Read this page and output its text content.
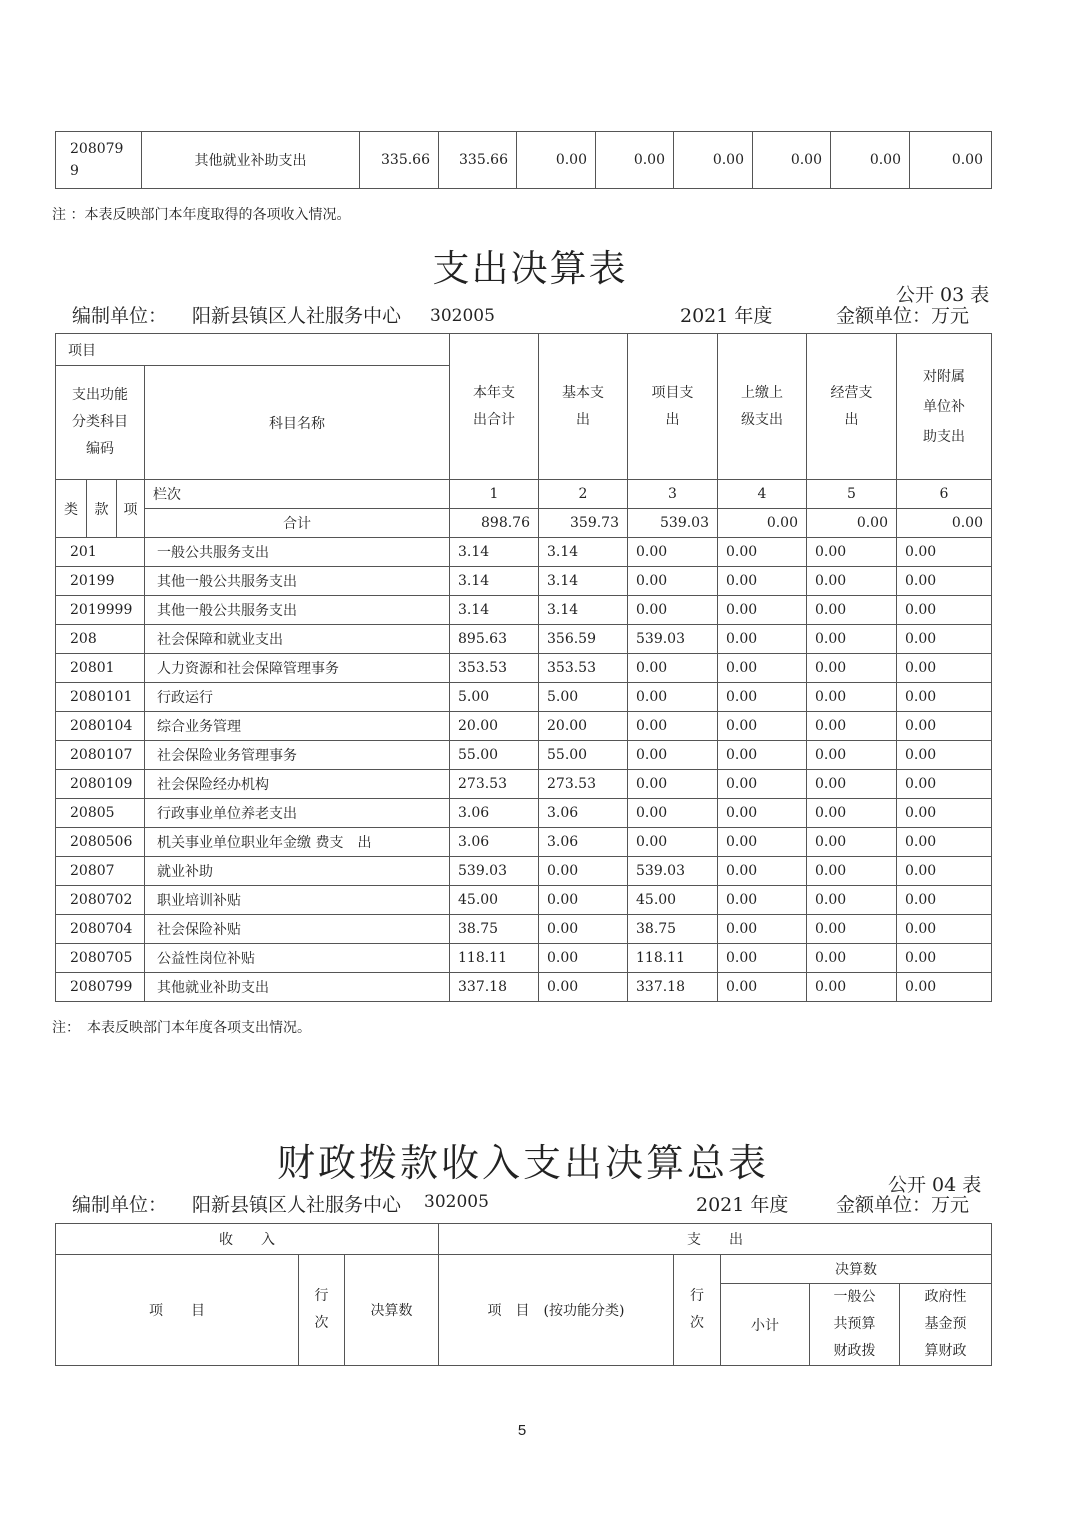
208079
9
	其他就业补助支出	335.66	335.66	0.00	0.00	0.00	0.00	0.00	0.00
注 ：本表反映部门本年度取得的各项收入情况。
支出决算表
公开 03 表
编制单位： 阳新县镇区人社服务中心 302005	2021 年度	金额单位：万元
项目				本年支出合计	基本支出	项目支出	上缴上级支出	经营支出	对附属单位补助支出

支出功能分类科目编码			科目名称						
类	款	项	栏次	1	2	3	4	5	6
			合计	898.76	359.73	539.03	0.00	0.00	0.00
201			一般公共服务支出	3.14	3.14	0.00	0.00	0.00	0.00
20199			其他一般公共服务支出	3.14	3.14	0.00	0.00	0.00	0.00
2019999			其他一般公共服务支出	3.14	3.14	0.00	0.00	0.00	0.00
208			社会保障和就业支出	895.63	356.59	539.03	0.00	0.00	0.00
20801			人力资源和社会保障管理事务	353.53	353.53	0.00	0.00	0.00	0.00
2080101			行政运行	5.00	5.00	0.00	0.00	0.00	0.00
2080104			综合业务管理	20.00	20.00	0.00	0.00	0.00	0.00
2080107			社会保险业务管理事务	55.00	55.00	0.00	0.00	0.00	0.00
2080109			社会保险经办机构	273.53	273.53	0.00	0.00	0.00	0.00
20805			行政事业单位养老支出	3.06	3.06	0.00	0.00	0.00	0.00
2080506			机关事业单位职业年金缴 费支　出	3.06	3.06	0.00	0.00	0.00	0.00
20807			就业补助	539.03	0.00	539.03	0.00	0.00	0.00
2080702			职业培训补贴	45.00	0.00	45.00	0.00	0.00	0.00
2080704			社会保险补贴	38.75	0.00	38.75	0.00	0.00	0.00
2080705			公益性岗位补贴	118.11	0.00	118.11	0.00	0.00	0.00
2080799			其他就业补助支出	337.18	0.00	337.18	0.00	0.00	0.00
注：　本表反映部门本年度各项支出情况。
财政拨款收入支出决算总表	公开 04 表
编制单位： 阳新县镇区人社服务中心 302005	2021 年度	金额单位：万元
收　　入			支　　出				
项　　目	行次	决算数	项　目　(按功能分类)	行次	决算数		
					小计	一般公共预算财政拨	政府性基金预算财政
5
